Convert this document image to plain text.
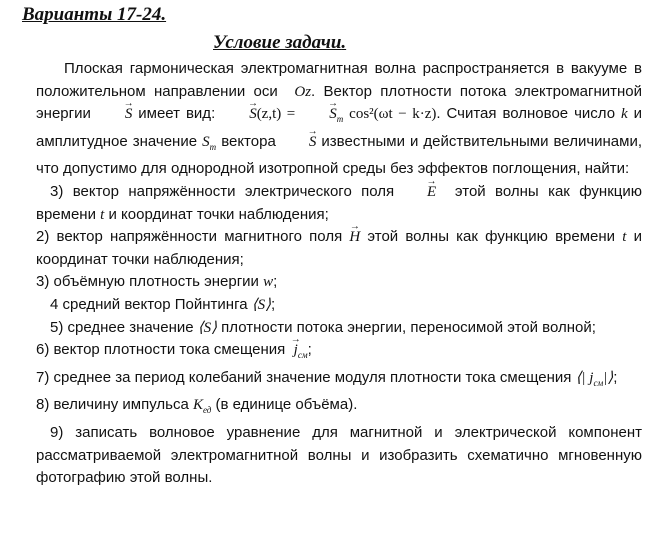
Варианты 17-24.
Условие задачи.

Плоская гармоническая электромагнитная волна распространяется в вакууме в положительном направлении оси Oz. Вектор плотности потока электромагнитной энергии → S имеет вид: → S(z,t) = → $S_m$ cos²(ωt − k·z). Считая волновое число k и амплитудное значение $S_m$ вектора → S известными и действительными величинами, что допустимо для однородной изотропной среды без эффектов поглощения, найти:

3) вектор напряжённости электрического поля → E этой волны как функцию времени t и координат точки наблюдения;

2) вектор напряжённости магнитного поля → H этой волны как функцию времени t и координат точки наблюдения;

3) объёмную плотность энергии w;

4 средний вектор Пойнтинга ⟨S⟩;

5) среднее значение ⟨S⟩ плотности потока энергии, переносимой этой волной;

6) вектор плотности тока смещения → $j_{см}$;

7) среднее за период колебаний значение модуля плотности тока смещения ⟨| $j_{см}|⟩$;

8) величину импульса $K_{ед}$ (в единице объёма).

9) записать волновое уравнение для магнитной и электрической компонент рассматриваемой электромагнитной волны и изобразить схематично мгновенную фотографию этой волны.
